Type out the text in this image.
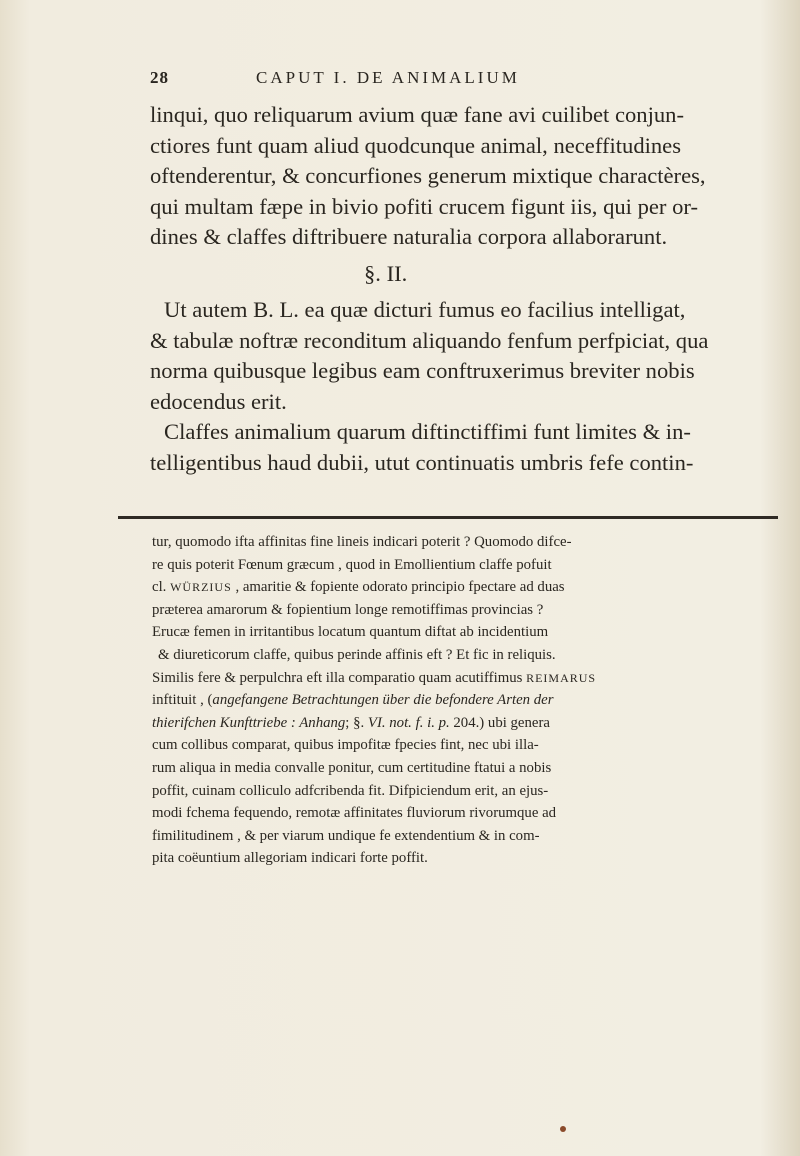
28	CAPUT I. DE ANIMALIUM

linqui, quo reliquarum avium quæ fane avi cuilibet conjun-

ctiores funt quam aliud quodcunque animal, neceffitudines

oftenderentur, & concurfiones generum mixtique charactères,

qui multam fæpe in bivio pofiti crucem figunt iis, qui per or-

dines & claffes diftribuere naturalia corpora allaborarunt.

§. II.

Ut autem B. L. ea quæ dicturi fumus eo facilius intelligat,

& tabulæ noftræ reconditum aliquando fenfum perfpiciat, qua

norma quibusque legibus eam conftruxerimus breviter nobis

edocendus erit.

Claffes animalium quarum diftinctiffimi funt limites & in-

telligentibus haud dubii, utut continuatis umbris fefe contin-

tur, quomodo ifta affinitas fine lineis indicari poterit ? Quomodo difce-

re quis poterit Fœnum græcum , quod in Emollientium claffe pofuit

cl. WÜRZIUS , amaritie & fopiente odorato principio fpectare ad duas

præterea amarorum & fopientium longe remotiffimas provincias ?

Erucæ femen in irritantibus locatum quantum diftat ab incidentium

& diureticorum claffe, quibus perinde affinis eft ? Et fic in reliquis.

Similis fere & perpulchra eft illa comparatio quam acutiffimus REIMARUS

inftituit , (angefangene Betrachtungen über die befondere Arten der

thierifchen Kunfttriebe : Anhang; §. VI. not. f. i. p. 204.) ubi genera

cum collibus comparat, quibus impofitæ fpecies fint, nec ubi illa-

rum aliqua in media convalle ponitur, cum certitudine ftatui a nobis

poffit, cuinam colliculo adfcribenda fit. Difpiciendum erit, an ejus-

modi fchema fequendo, remotæ affinitates fluviorum rivorumque ad

fimilitudinem , & per viarum undique fe extendentium & in com-

pita coëuntium allegoriam indicari forte poffit.
